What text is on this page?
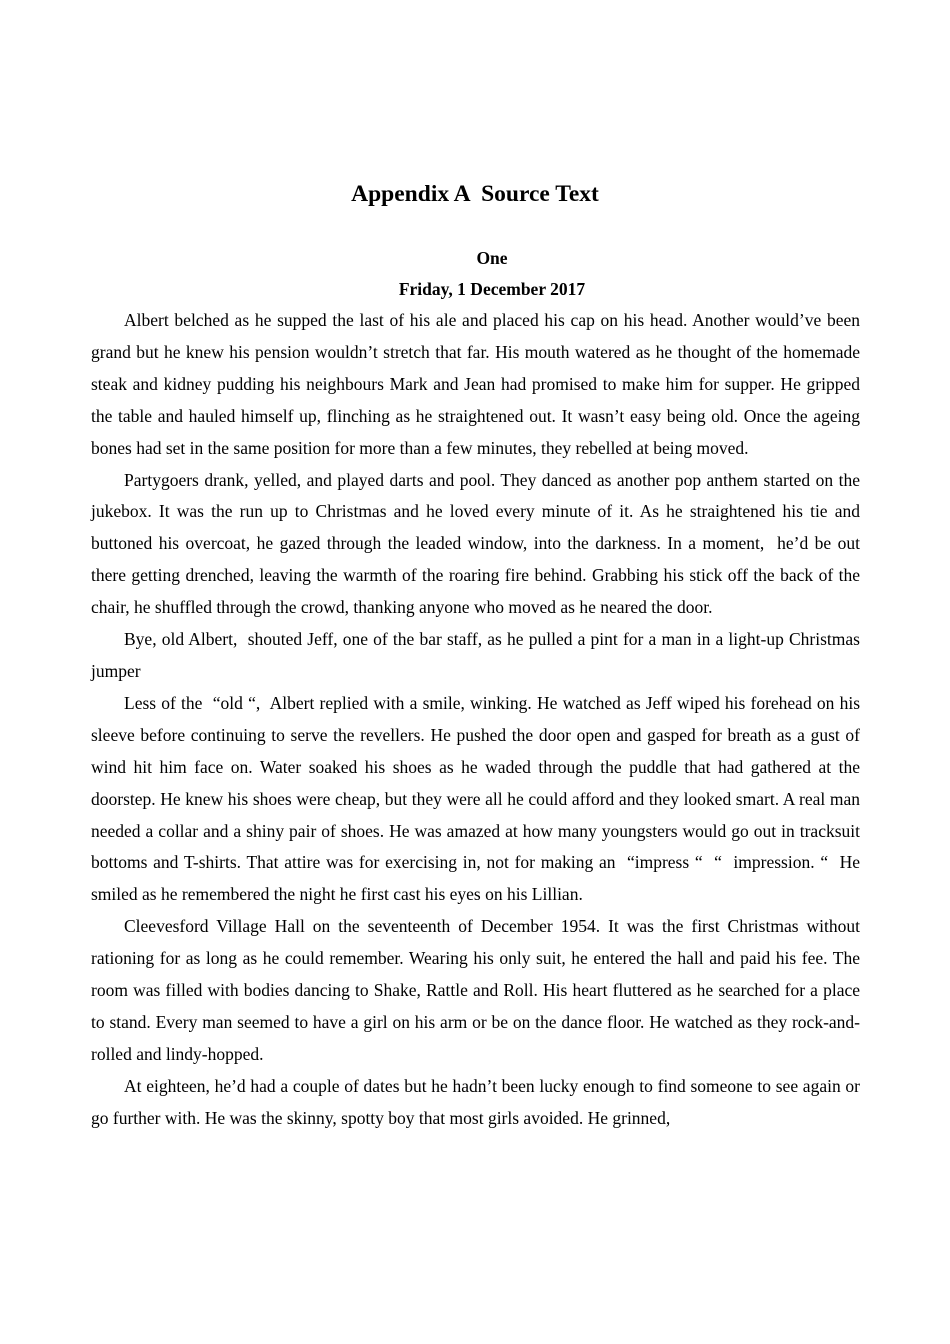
Appendix A  Source Text
One
Friday, 1 December 2017

Albert belched as he supped the last of his ale and placed his cap on his head. Another would’ve been grand but he knew his pension wouldn’t stretch that far. His mouth watered as he thought of the homemade steak and kidney pudding his neighbours Mark and Jean had promised to make him for supper. He gripped the table and hauled himself up, flinching as he straightened out. It wasn’t easy being old. Once the ageing bones had set in the same position for more than a few minutes, they rebelled at being moved.

Partygoers drank, yelled, and played darts and pool. They danced as another pop anthem started on the jukebox. It was the run up to Christmas and he loved every minute of it. As he straightened his tie and buttoned his overcoat, he gazed through the leaded window, into the darkness. In a moment,  he’d be out there getting drenched, leaving the warmth of the roaring fire behind. Grabbing his stick off the back of the chair, he shuffled through the crowd, thanking anyone who moved as he neared the door.

Bye, old Albert,  shouted Jeff, one of the bar staff, as he pulled a pint for a man in a light-up Christmas jumper

Less of the  “old “,  Albert replied with a smile, winking. He watched as Jeff wiped his forehead on his sleeve before continuing to serve the revellers. He pushed the door open and gasped for breath as a gust of wind hit him face on. Water soaked his shoes as he waded through the puddle that had gathered at the doorstep. He knew his shoes were cheap, but they were all he could afford and they looked smart. A real man needed a collar and a shiny pair of shoes. He was amazed at how many youngsters would go out in tracksuit bottoms and T-shirts. That attire was for exercising in, not for making an  “impress “  “  impression. “  He smiled as he remembered the night he first cast his eyes on his Lillian.

Cleevesford Village Hall on the seventeenth of December 1954. It was the first Christmas without rationing for as long as he could remember. Wearing his only suit, he entered the hall and paid his fee. The room was filled with bodies dancing to Shake, Rattle and Roll. His heart fluttered as he searched for a place to stand. Every man seemed to have a girl on his arm or be on the dance floor. He watched as they rock-and-rolled and lindy-hopped.

At eighteen, he’d had a couple of dates but he hadn’t been lucky enough to find someone to see again or go further with. He was the skinny, spotty boy that most girls avoided. He grinned,
